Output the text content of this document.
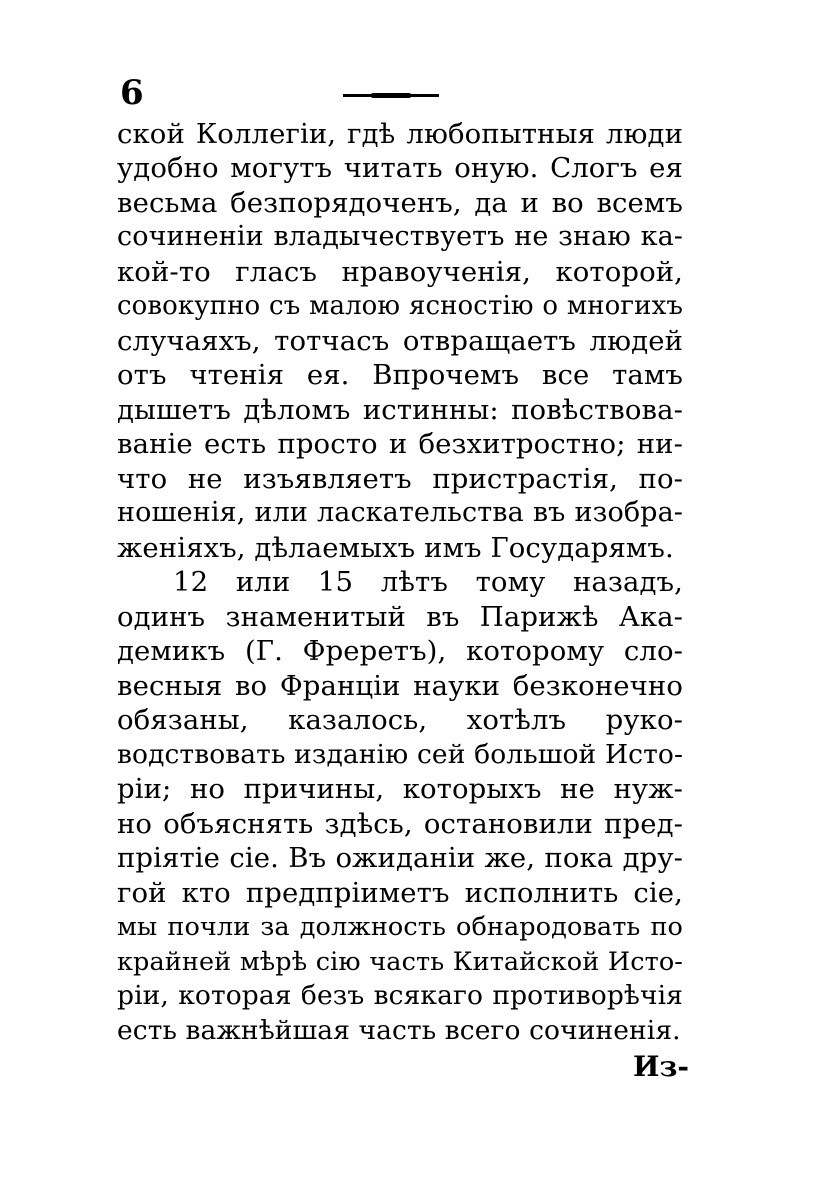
6
ской Коллегіи, гдѣ любопытныя люди
удобно могутъ читать оную. Слогъ ея
весьма безпорядоченъ, да и во всемъ
сочиненіи владычествуетъ не знаю ка-
кой-то гласъ нравоученія, которой,
совокупно съ малою ясностію о многихъ
случаяхъ, тотчасъ отвращаетъ людей
отъ чтенія ея. Впрочемъ все тамъ
дышетъ дѣломъ истинны: повѣствова-
ваніе есть просто и безхитростно; ни-
что не изъявляетъ пристрастія, по-
ношенія, или ласкательства въ изобра-
женіяхъ, дѣлаемыхъ имъ Государямъ.
12 или 15 лѣтъ тому назадъ,
одинъ знаменитый въ Парижѣ Ака-
демикъ (Г. Фреретъ), которому сло-
весныя во Франціи науки безконечно
обязаны, казалось, хотѣлъ руко-
водствовать изданію сей большой Исто-
ріи; но причины, которыхъ не нуж-
но объяснять здѣсь, остановили пред-
пріятіе сіе. Въ ожиданіи же, пока дру-
гой кто предпріиметъ исполнить сіе,
мы почли за должность обнародовать по
крайней мѣрѣ сію часть Китайской Исто-
ріи, которая безъ всякаго противорѣчія
есть важнѣйшая часть всего сочиненія.
Из-
